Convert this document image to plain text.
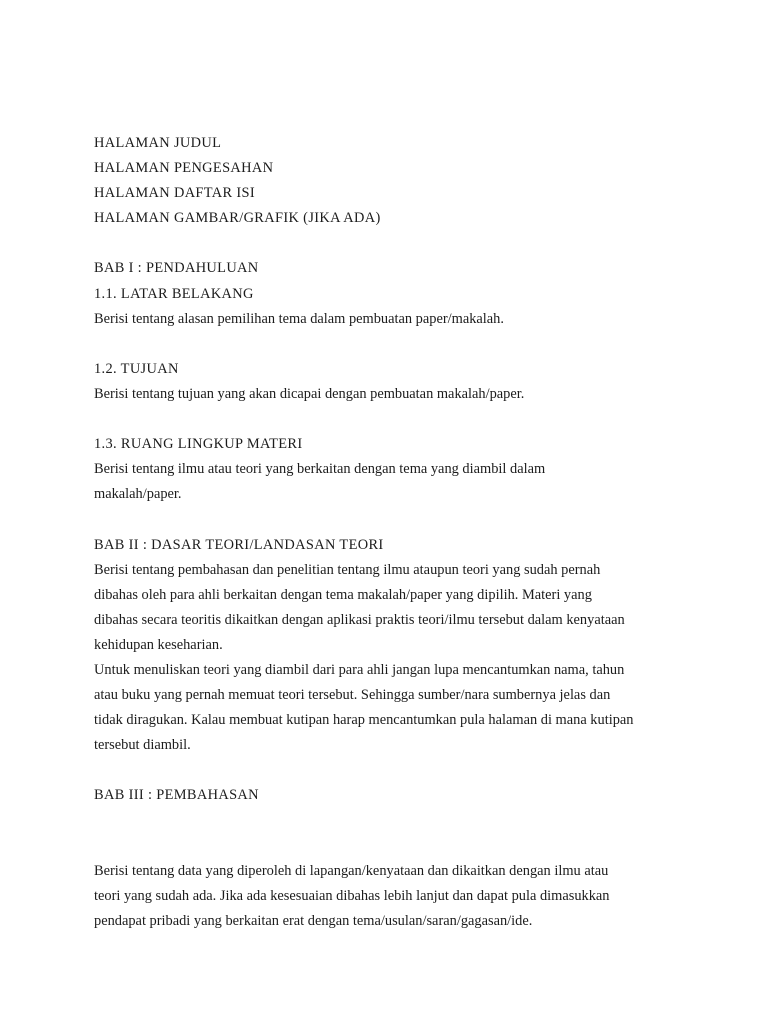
HALAMAN JUDUL
HALAMAN PENGESAHAN
HALAMAN DAFTAR ISI
HALAMAN GAMBAR/GRAFIK (JIKA ADA)
BAB I : PENDAHULUAN
1.1. LATAR BELAKANG
Berisi tentang alasan pemilihan tema dalam pembuatan paper/makalah.
1.2. TUJUAN
Berisi tentang tujuan yang akan dicapai dengan pembuatan makalah/paper.
1.3. RUANG LINGKUP MATERI
Berisi tentang ilmu atau teori yang berkaitan dengan tema yang diambil dalam
makalah/paper.
BAB II : DASAR TEORI/LANDASAN TEORI
Berisi tentang pembahasan dan penelitian tentang ilmu ataupun teori yang sudah pernah
dibahas oleh para ahli berkaitan dengan tema makalah/paper yang dipilih. Materi yang
dibahas secara teoritis dikaitkan dengan aplikasi praktis teori/ilmu tersebut dalam kenyataan
kehidupan keseharian.
Untuk menuliskan teori yang diambil dari para ahli jangan lupa mencantumkan nama, tahun
atau buku yang pernah memuat teori tersebut. Sehingga sumber/nara sumbernya jelas dan
tidak diragukan. Kalau membuat kutipan harap mencantumkan pula halaman di mana kutipan
tersebut diambil.
BAB III : PEMBAHASAN
Berisi tentang data yang diperoleh di lapangan/kenyataan dan dikaitkan dengan ilmu atau
teori yang sudah ada. Jika ada kesesuaian dibahas lebih lanjut dan dapat pula dimasukkan
pendapat pribadi yang berkaitan erat dengan tema/usulan/saran/gagasan/ide.
